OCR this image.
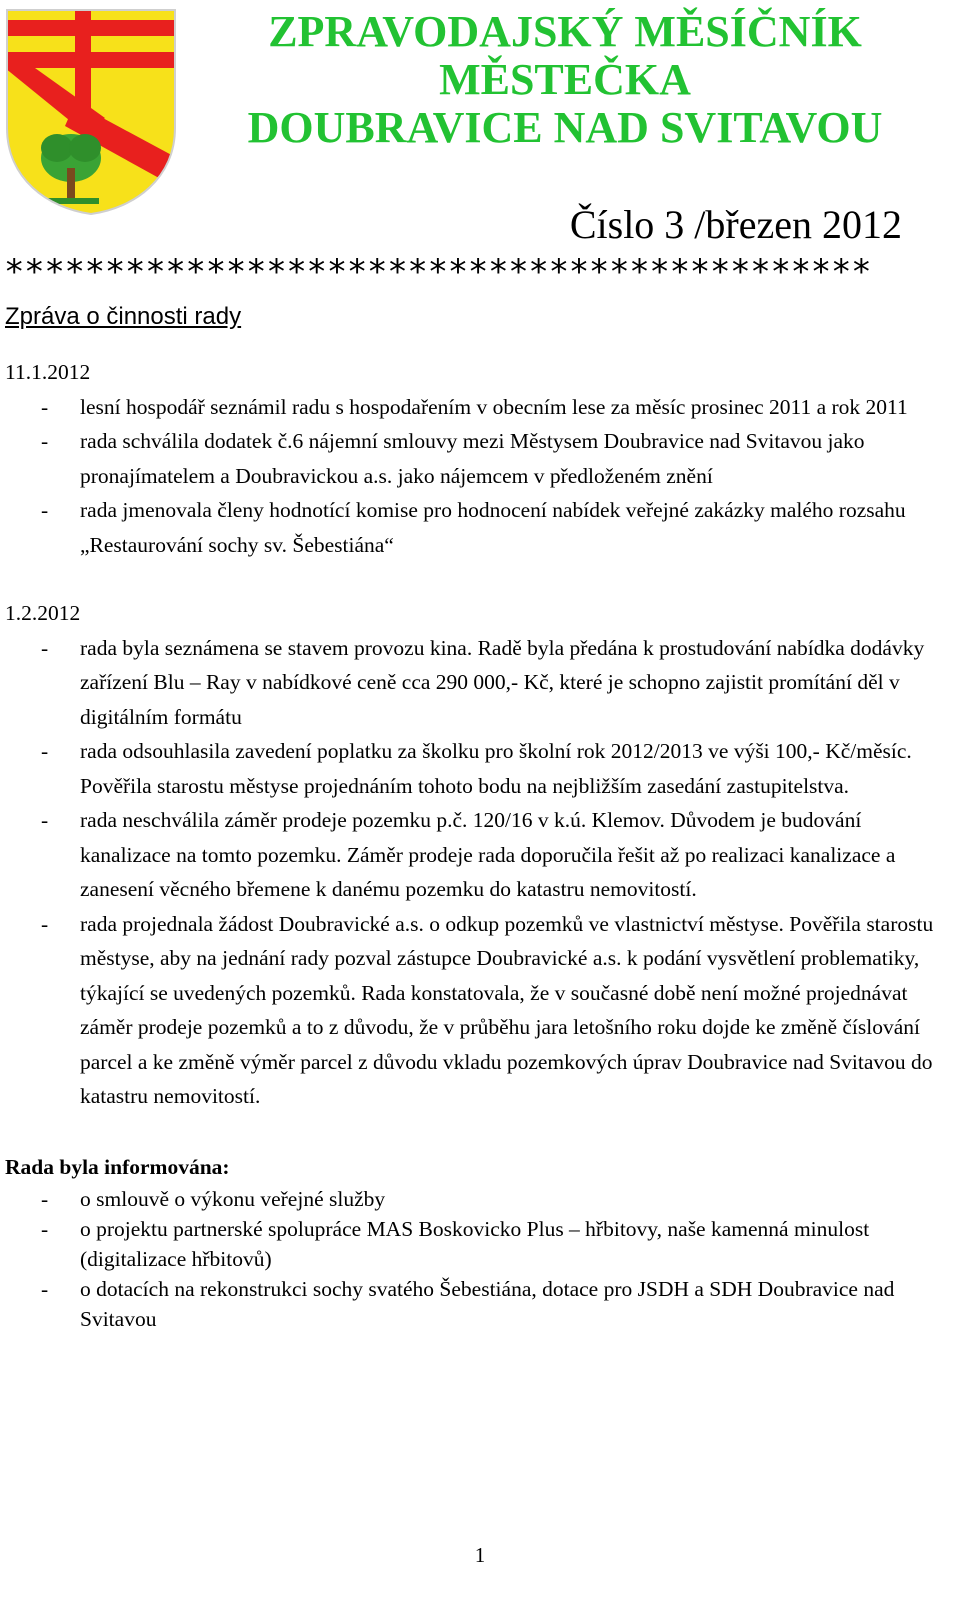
ZPRAVODAJSKÝ MĚSÍČNÍK
MĚSTEČKA
DOUBRAVICE NAD SVITAVOU
Číslo 3 /březen 2012
*******************************************
Zpráva o činnosti rady

11.1.2012

- lesní hospodář seznámil radu s hospodařením v obecním lese za měsíc prosinec 2011 a rok 2011
- rada schválila dodatek č.6 nájemní smlouvy mezi Městysem Doubravice nad Svitavou jako pronajímatelem a Doubravickou a.s. jako nájemcem v předloženém znění
- rada jmenovala členy hodnotící komise pro hodnocení nabídek veřejné zakázky malého rozsahu „Restaurování sochy sv. Šebestiána“

1.2.2012

- rada byla seznámena se stavem provozu kina. Radě byla předána k prostudování nabídka dodávky zařízení Blu – Ray v nabídkové ceně cca 290 000,- Kč, které je schopno zajistit promítání děl v digitálním formátu
- rada odsouhlasila zavedení poplatku za školku pro školní rok 2012/2013 ve výši 100,- Kč/měsíc. Pověřila starostu městyse projednáním tohoto bodu na nejbližším zasedání zastupitelstva.
- rada neschválila záměr prodeje pozemku p.č. 120/16 v k.ú. Klemov. Důvodem je budování kanalizace na tomto pozemku. Záměr prodeje rada doporučila řešit až po realizaci kanalizace a zanesení věcného břemene k danému pozemku do katastru nemovitostí.
- rada projednala žádost Doubravické a.s. o odkup pozemků ve vlastnictví městyse. Pověřila starostu městyse, aby na jednání rady pozval zástupce Doubravické a.s. k podání vysvětlení problematiky, týkající se uvedených pozemků. Rada konstatovala, že v současné době není možné projednávat záměr prodeje pozemků a to z důvodu, že v průběhu jara letošního roku dojde ke změně číslování parcel a ke změně výměr parcel z důvodu vkladu pozemkových úprav Doubravice nad Svitavou do katastru nemovitostí.

Rada byla informována:

- o smlouvě o výkonu veřejné služby
- o projektu partnerské spolupráce MAS Boskovicko Plus – hřbitovy, naše kamenná minulost (digitalizace hřbitovů)
- o dotacích na rekonstrukci sochy svatého Šebestiána, dotace pro JSDH a SDH Doubravice nad Svitavou
1
